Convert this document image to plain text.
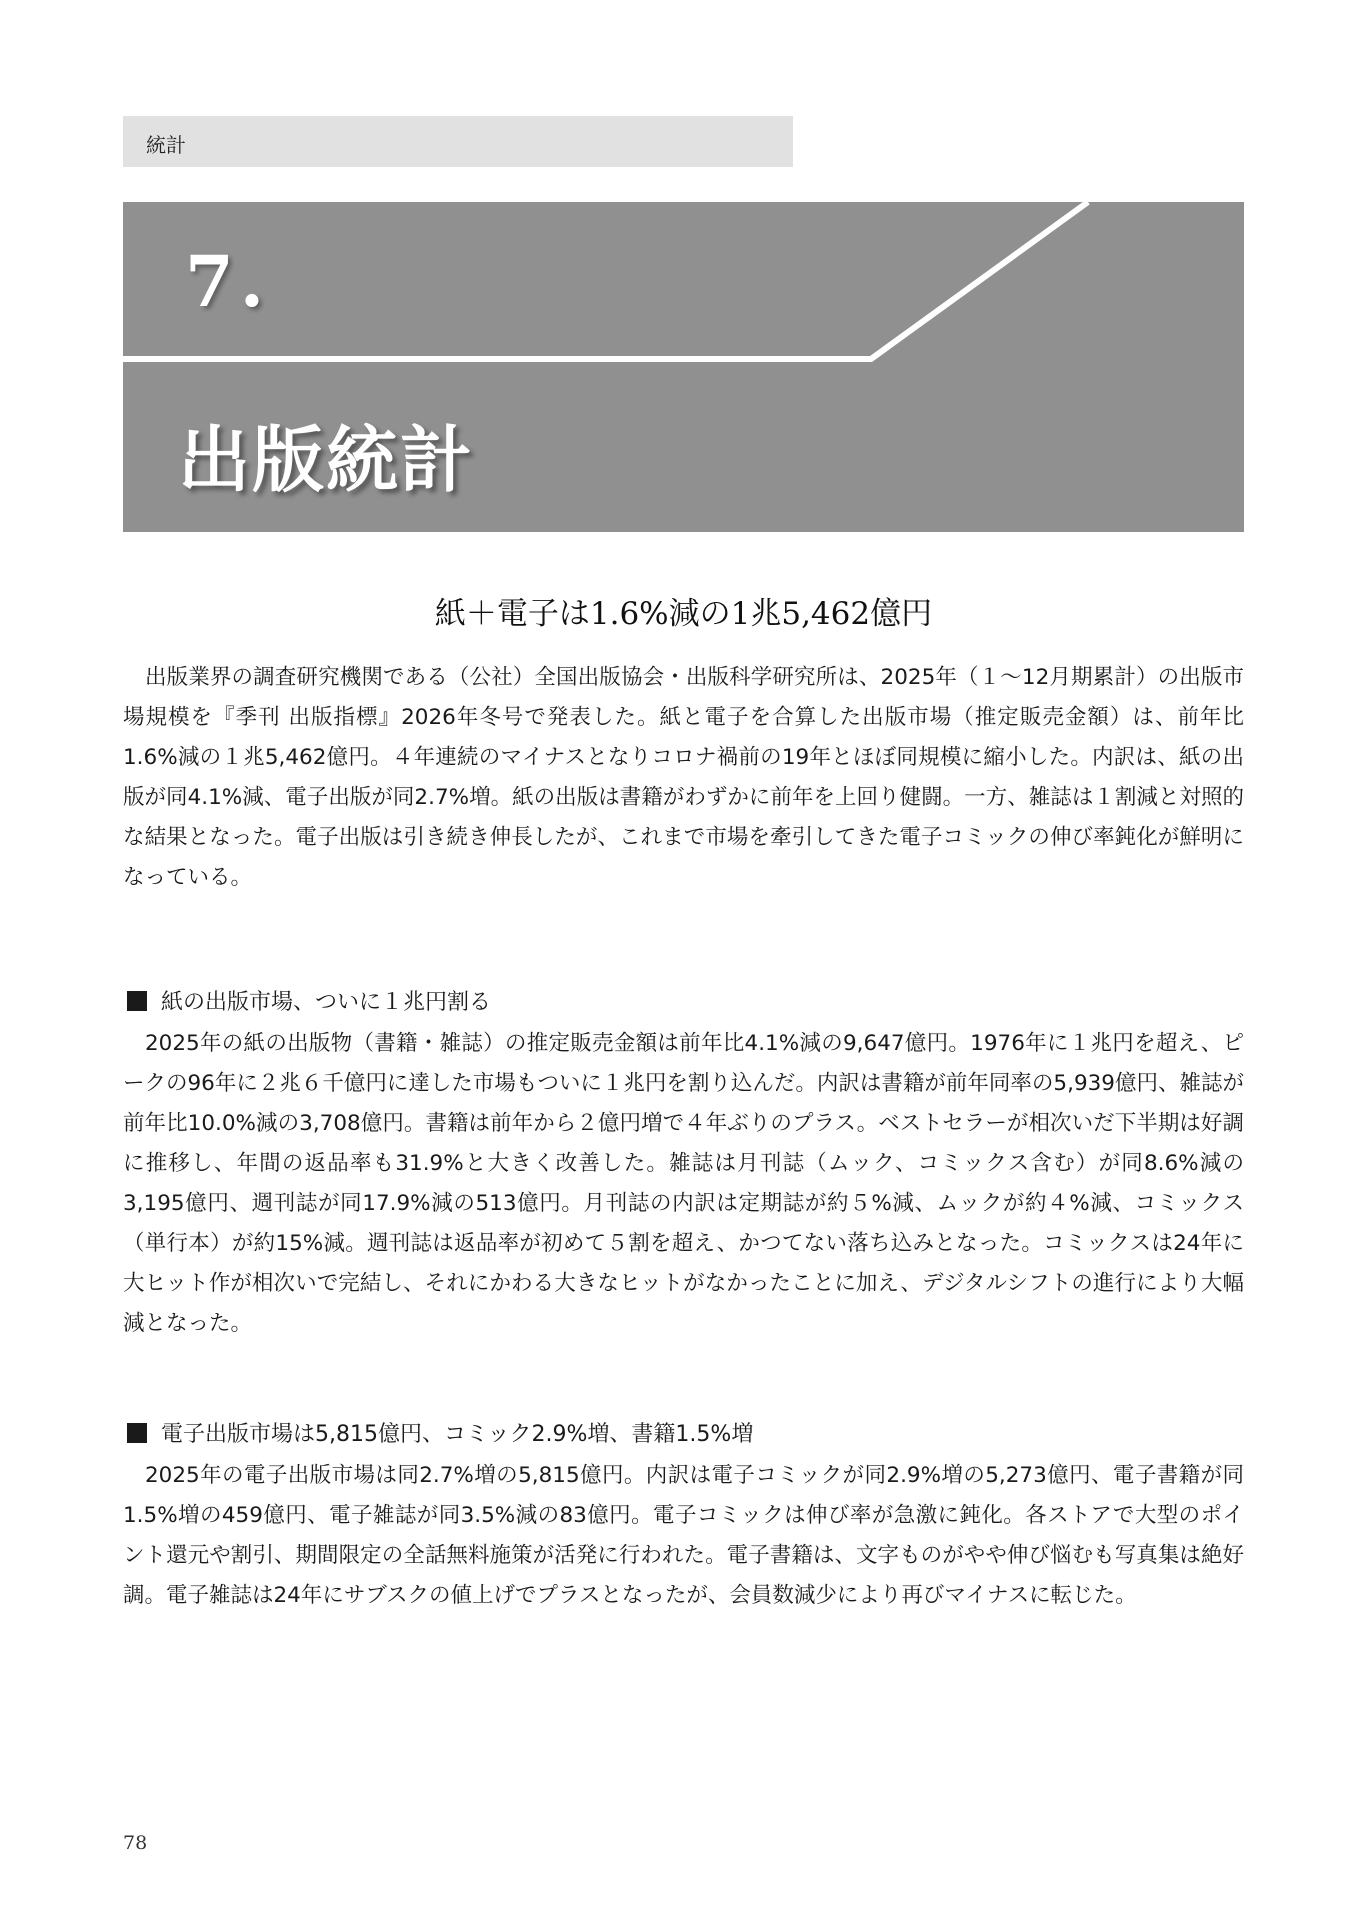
統計
7.
出版統計
紙＋電子は1.6%減の1兆5,462億円

出版業界の調査研究機関である（公社）全国出版協会・出版科学研究所は、2025年（１～12月期累計）の出版市場規模を『季刊 出版指標』2026年冬号で発表した。紙と電子を合算した出版市場（推定販売金額）は、前年比1.6%減の１兆5,462億円。４年連続のマイナスとなりコロナ禍前の19年とほぼ同規模に縮小した。内訳は、紙の出版が同4.1%減、電子出版が同2.7%増。紙の出版は書籍がわずかに前年を上回り健闘。一方、雑誌は１割減と対照的な結果となった。電子出版は引き続き伸長したが、これまで市場を牽引してきた電子コミックの伸び率鈍化が鮮明になっている。

紙の出版市場、ついに１兆円割る

2025年の紙の出版物（書籍・雑誌）の推定販売金額は前年比4.1%減の9,647億円。1976年に１兆円を超え、ピークの96年に２兆６千億円に達した市場もついに１兆円を割り込んだ。内訳は書籍が前年同率の5,939億円、雑誌が前年比10.0%減の3,708億円。書籍は前年から２億円増で４年ぶりのプラス。ベストセラーが相次いだ下半期は好調に推移し、年間の返品率も31.9%と大きく改善した。雑誌は月刊誌（ムック、コミックス含む）が同8.6%減の3,195億円、週刊誌が同17.9%減の513億円。月刊誌の内訳は定期誌が約５%減、ムックが約４%減、コミックス（単行本）が約15%減。週刊誌は返品率が初めて５割を超え、かつてない落ち込みとなった。コミックスは24年に大ヒット作が相次いで完結し、それにかわる大きなヒットがなかったことに加え、デジタルシフトの進行により大幅減となった。

電子出版市場は5,815億円、コミック2.9%増、書籍1.5%増

2025年の電子出版市場は同2.7%増の5,815億円。内訳は電子コミックが同2.9%増の5,273億円、電子書籍が同1.5%増の459億円、電子雑誌が同3.5%減の83億円。電子コミックは伸び率が急激に鈍化。各ストアで大型のポイント還元や割引、期間限定の全話無料施策が活発に行われた。電子書籍は、文字ものがやや伸び悩むも写真集は絶好調。電子雑誌は24年にサブスクの値上げでプラスとなったが、会員数減少により再びマイナスに転じた。

78
